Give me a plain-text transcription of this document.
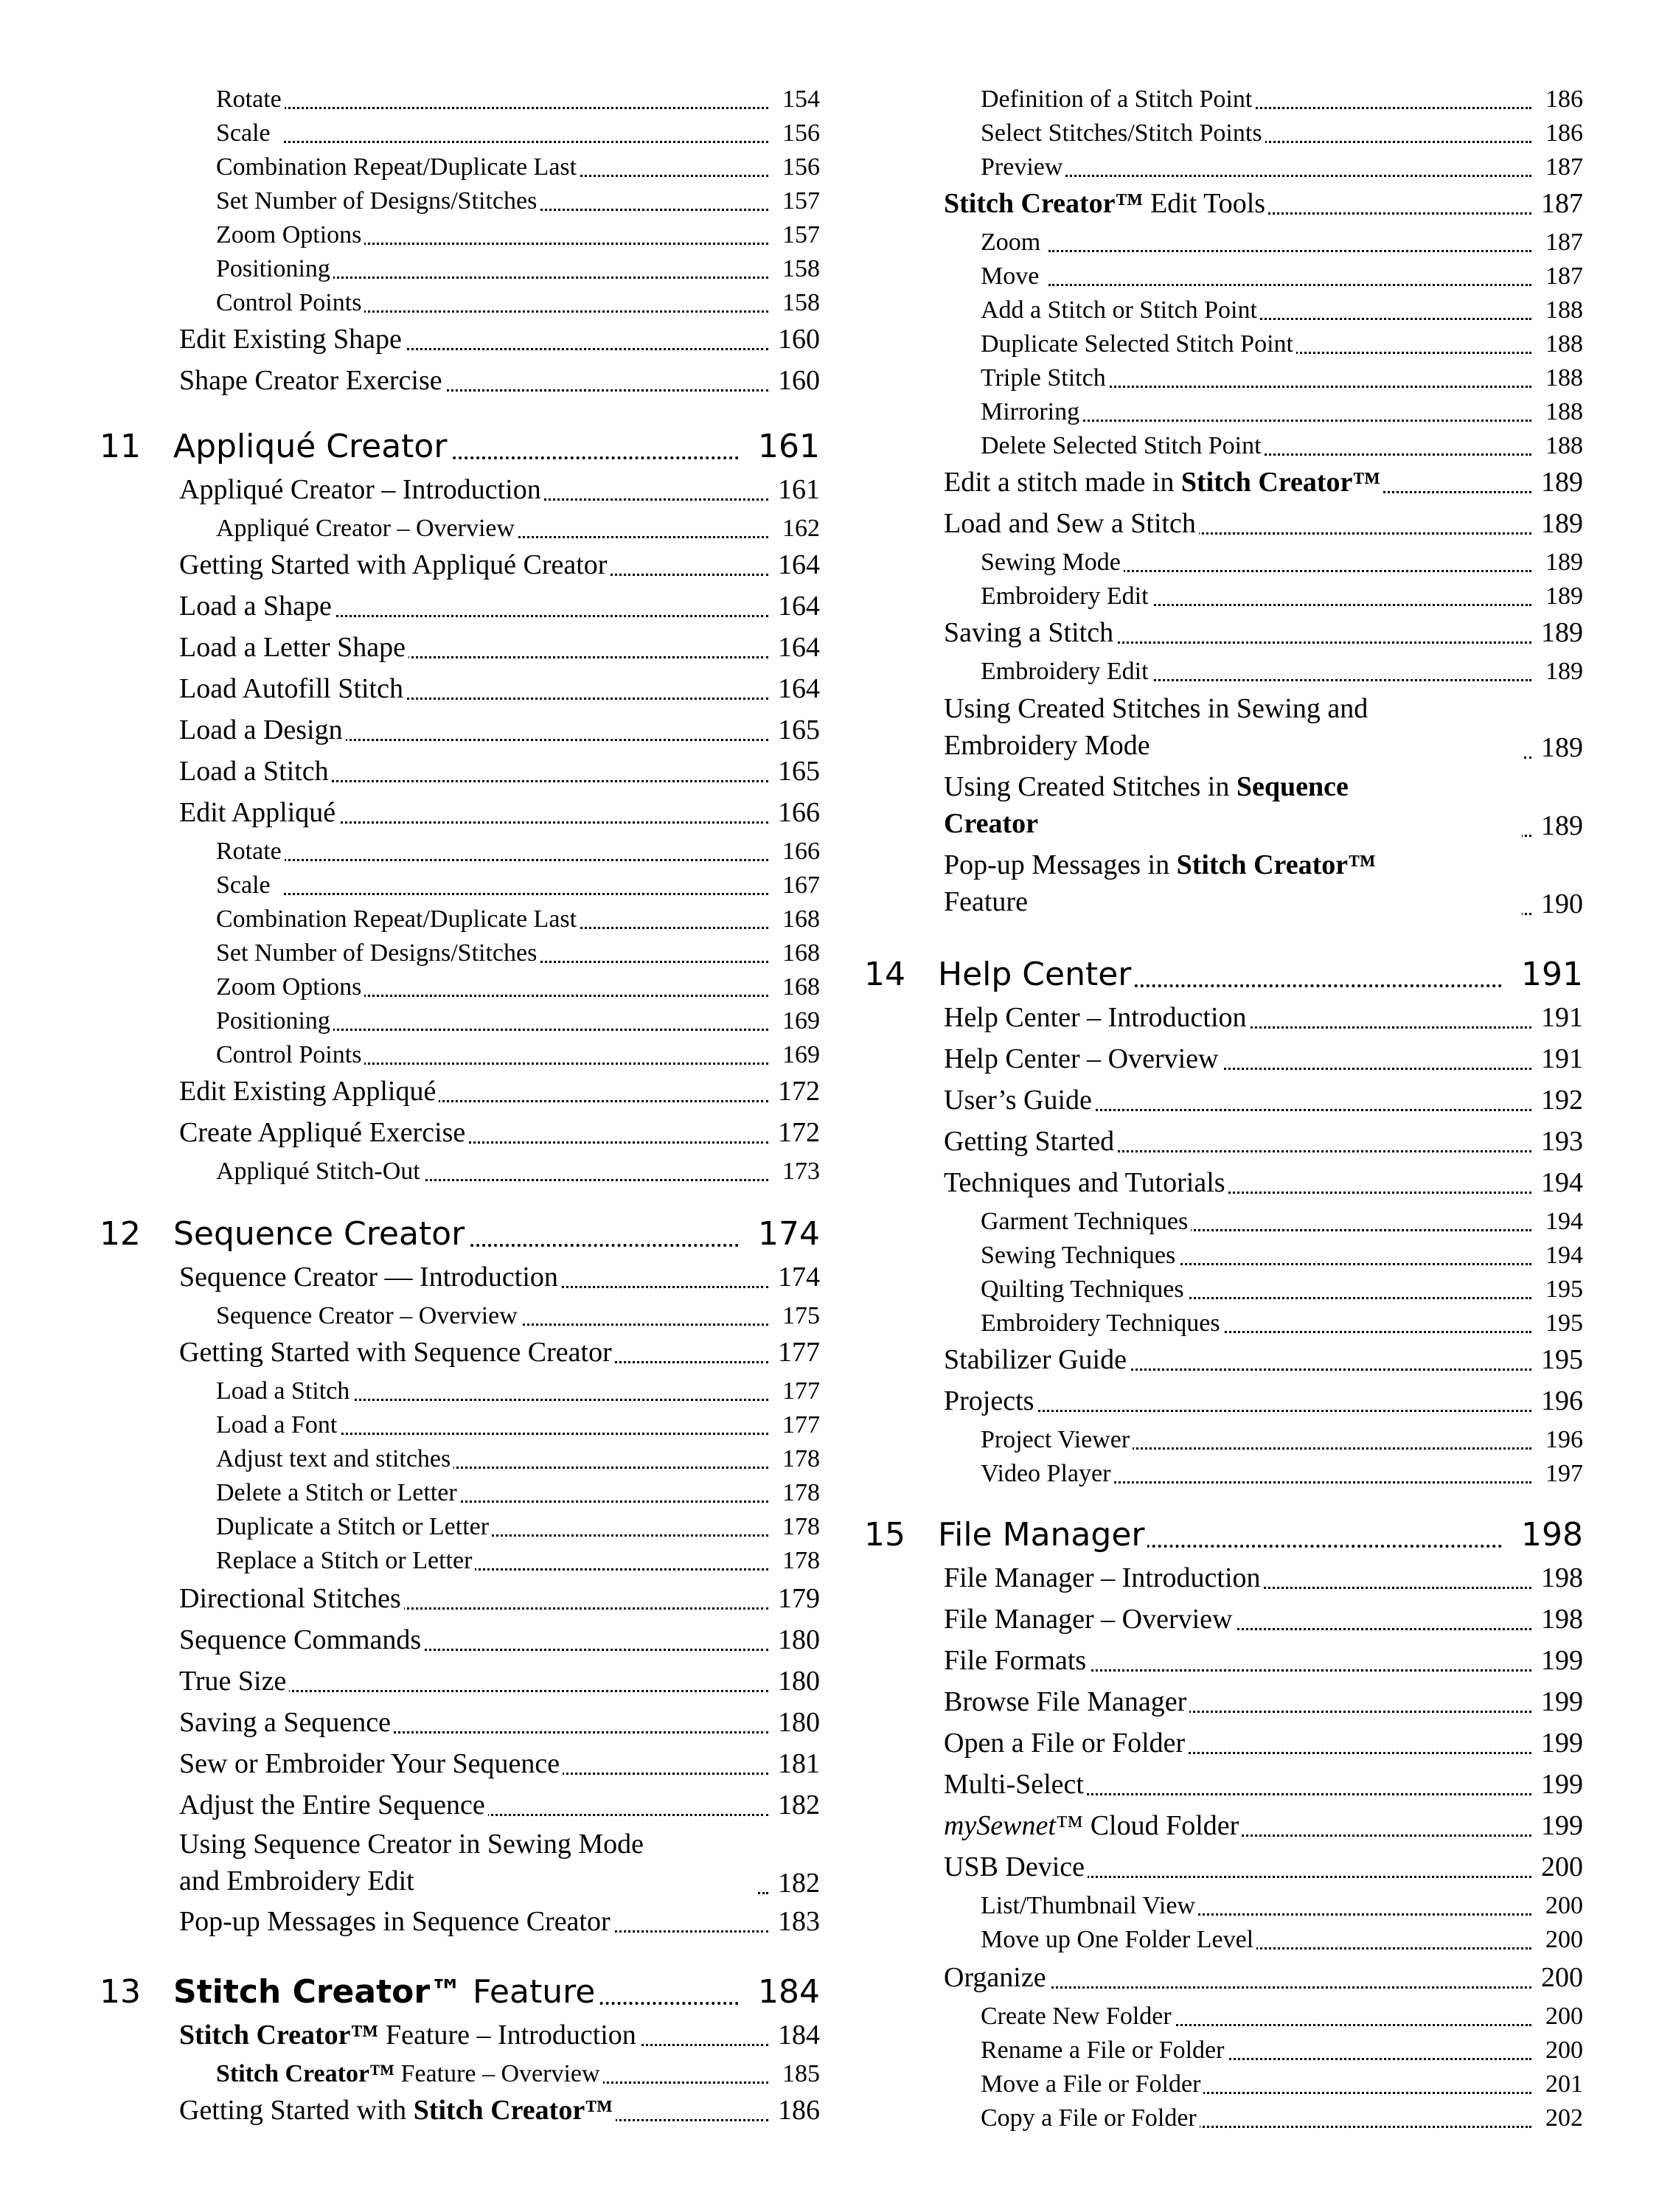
Rotate	154
Scale	156
Combination Repeat/Duplicate Last	156
Set Number of Designs/Stitches	157
Zoom Options	157
Positioning	158
Control Points	158
Edit Existing Shape	160
Shape Creator Exercise	160
11 Appliqué Creator	161
Appliqué Creator – Introduction	161
Appliqué Creator – Overview	162
Getting Started with Appliqué Creator	164
Load a Shape	164
Load a Letter Shape	164
Load Autofill Stitch	164
Load a Design	165
Load a Stitch	165
Edit Appliqué	166
Rotate	166
Scale	167
Combination Repeat/Duplicate Last	168
Set Number of Designs/Stitches	168
Zoom Options	168
Positioning	169
Control Points	169
Edit Existing Appliqué	172
Create Appliqué Exercise	172
Appliqué Stitch-Out	173
12 Sequence Creator	174
Sequence Creator — Introduction	174
Sequence Creator – Overview	175
Getting Started with Sequence Creator	177
Load a Stitch	177
Load a Font	177
Adjust text and stitches	178
Delete a Stitch or Letter	178
Duplicate a Stitch or Letter	178
Replace a Stitch or Letter	178
Directional Stitches	179
Sequence Commands	180
True Size	180
Saving a Sequence	180
Sew or Embroider Your Sequence	181
Adjust the Entire Sequence	182
Using Sequence Creator in Sewing Mode
and Embroidery Edit	182
Pop-up Messages in Sequence Creator	183
13 Stitch Creator™ Feature	184
Stitch Creator™ Feature – Introduction	184
Stitch Creator™ Feature – Overview	185
Getting Started with Stitch Creator™	186
Definition of a Stitch Point	186
Select Stitches/Stitch Points	186
Preview	187
Stitch Creator™ Edit Tools	187
Zoom	187
Move	187
Add a Stitch or Stitch Point	188
Duplicate Selected Stitch Point	188
Triple Stitch	188
Mirroring	188
Delete Selected Stitch Point	188
Edit a stitch made in Stitch Creator™	189
Load and Sew a Stitch	189
Sewing Mode	189
Embroidery Edit	189
Saving a Stitch	189
Embroidery Edit	189
Using Created Stitches in Sewing and
Embroidery Mode	189
Using Created Stitches in Sequence
Creator	189
Pop-up Messages in Stitch Creator™
Feature	190
14 Help Center	191
Help Center – Introduction	191
Help Center – Overview	191
User’s Guide	192
Getting Started	193
Techniques and Tutorials	194
Garment Techniques	194
Sewing Techniques	194
Quilting Techniques	195
Embroidery Techniques	195
Stabilizer Guide	195
Projects	196
Project Viewer	196
Video Player	197
15 File Manager	198
File Manager – Introduction	198
File Manager – Overview	198
File Formats	199
Browse File Manager	199
Open a File or Folder	199
Multi-Select	199
mySewnet™ Cloud Folder	199
USB Device	200
List/Thumbnail View	200
Move up One Folder Level	200
Organize	200
Create New Folder	200
Rename a File or Folder	200
Move a File or Folder	201
Copy a File or Folder	202
